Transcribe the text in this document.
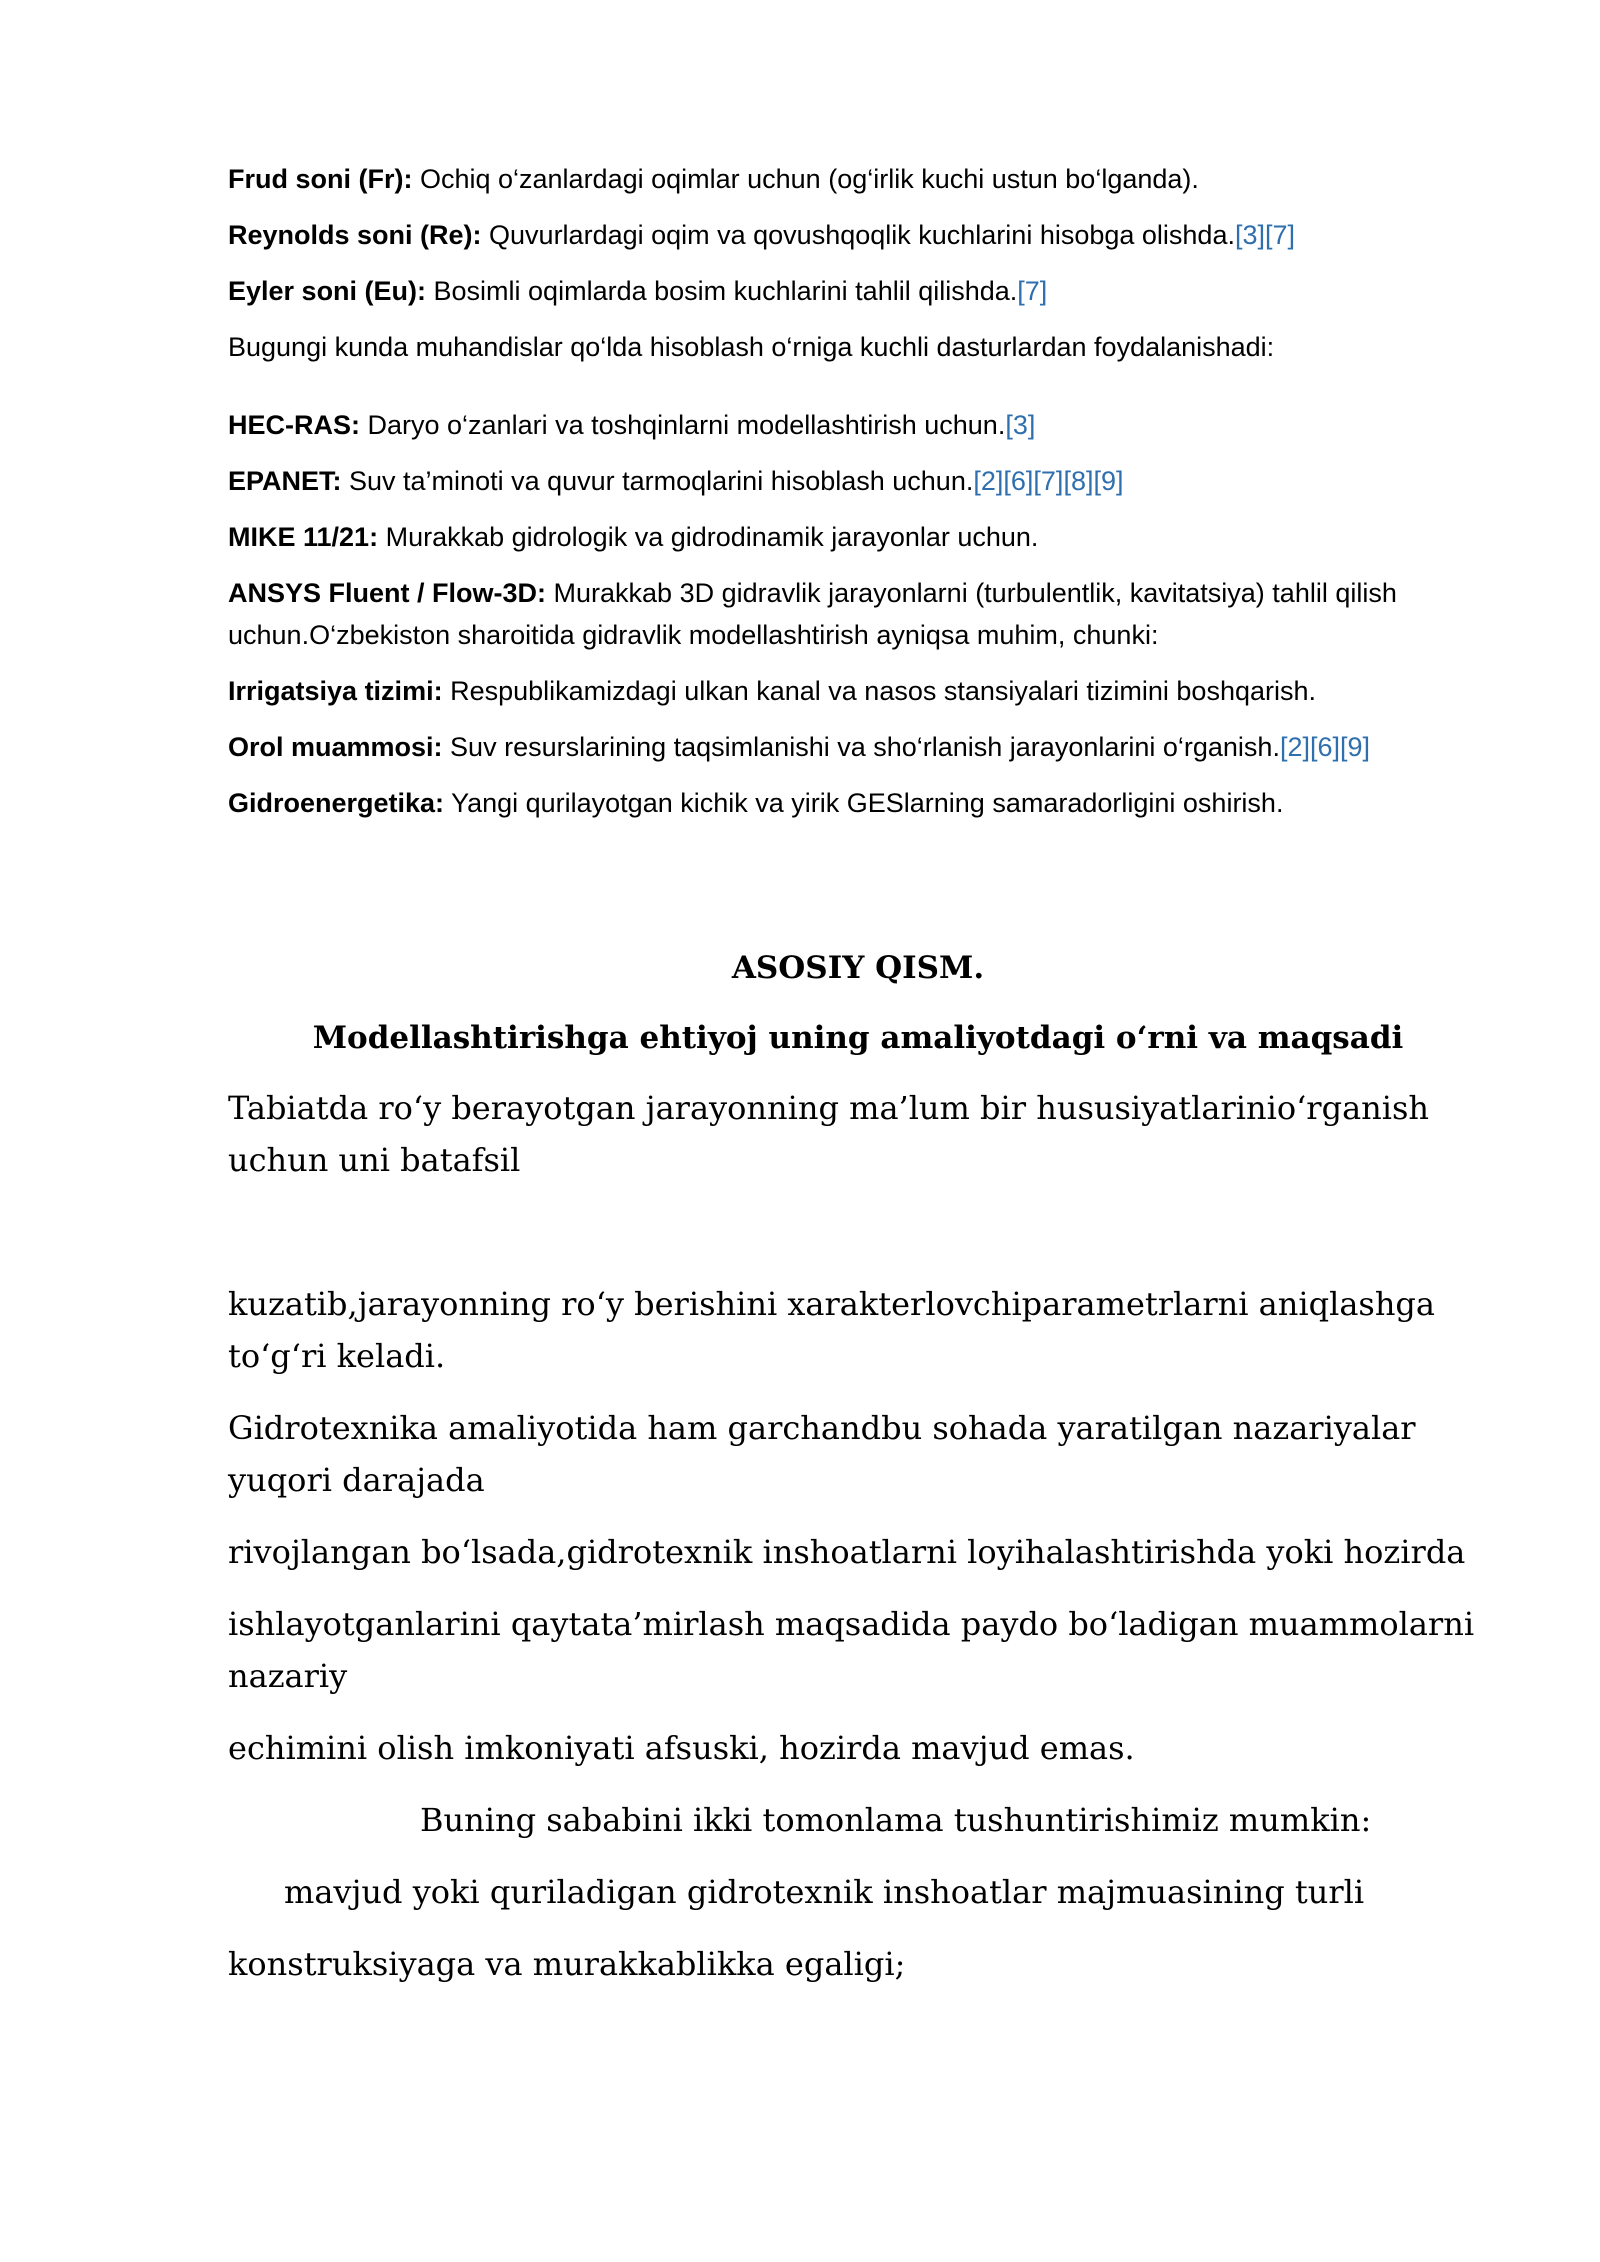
Frud soni (Fr): Ochiq o‘zanlardagi oqimlar uchun (og‘irlik kuchi ustun bo‘lganda).

Reynolds soni (Re): Quvurlardagi oqim va qovushqoqlik kuchlarini hisobga olishda.[3][7]

Eyler soni (Eu): Bosimli oqimlarda bosim kuchlarini tahlil qilishda.[7]

Bugungi kunda muhandislar qo‘lda hisoblash o‘rniga kuchli dasturlardan foydalanishadi:

HEC-RAS: Daryo o‘zanlari va toshqinlarni modellashtirish uchun.[3]

EPANET: Suv ta’minoti va quvur tarmoqlarini hisoblash uchun.[2][6][7][8][9]

MIKE 11/21: Murakkab gidrologik va gidrodinamik jarayonlar uchun.

ANSYS Fluent / Flow-3D: Murakkab 3D gidravlik jarayonlarni (turbulentlik, kavitatsiya) tahlil qilish uchun.O‘zbekiston sharoitida gidravlik modellashtirish ayniqsa muhim, chunki:

Irrigatsiya tizimi: Respublikamizdagi ulkan kanal va nasos stansiyalari tizimini boshqarish.

Orol muammosi: Suv resurslarining taqsimlanishi va sho‘rlanish jarayonlarini o‘rganish.[2][6][9]

Gidroenergetika: Yangi qurilayotgan kichik va yirik GESlarning samaradorligini oshirish.

ASOSIY QISM.
Modellashtirishga ehtiyoj uning amaliyotdagi o‘rni va maqsadi

Tabiatda ro‘y berayotgan jarayonning ma’lum bir hususiyatlarinio‘rganish uchun uni batafsil

kuzatib,jarayonning ro‘y berishini xarakterlovchiparametrlarni aniqlashga to‘g‘ri keladi.

Gidrotexnika amaliyotida ham garchandbu sohada yaratilgan nazariyalar yuqori darajada

rivojlangan bo‘lsada,gidrotexnik inshoatlarni loyihalashtirishda yoki hozirda

ishlayotganlarini qaytata’mirlash maqsadida paydo bo‘ladigan muammolarni nazariy

echimini olish imkoniyati afsuski, hozirda mavjud emas.

Buning sababini ikki tomonlama tushuntirishimiz mumkin:

mavjud yoki quriladigan gidrotexnik inshoatlar majmuasining turli

konstruksiyaga va murakkablikka egaligi;
